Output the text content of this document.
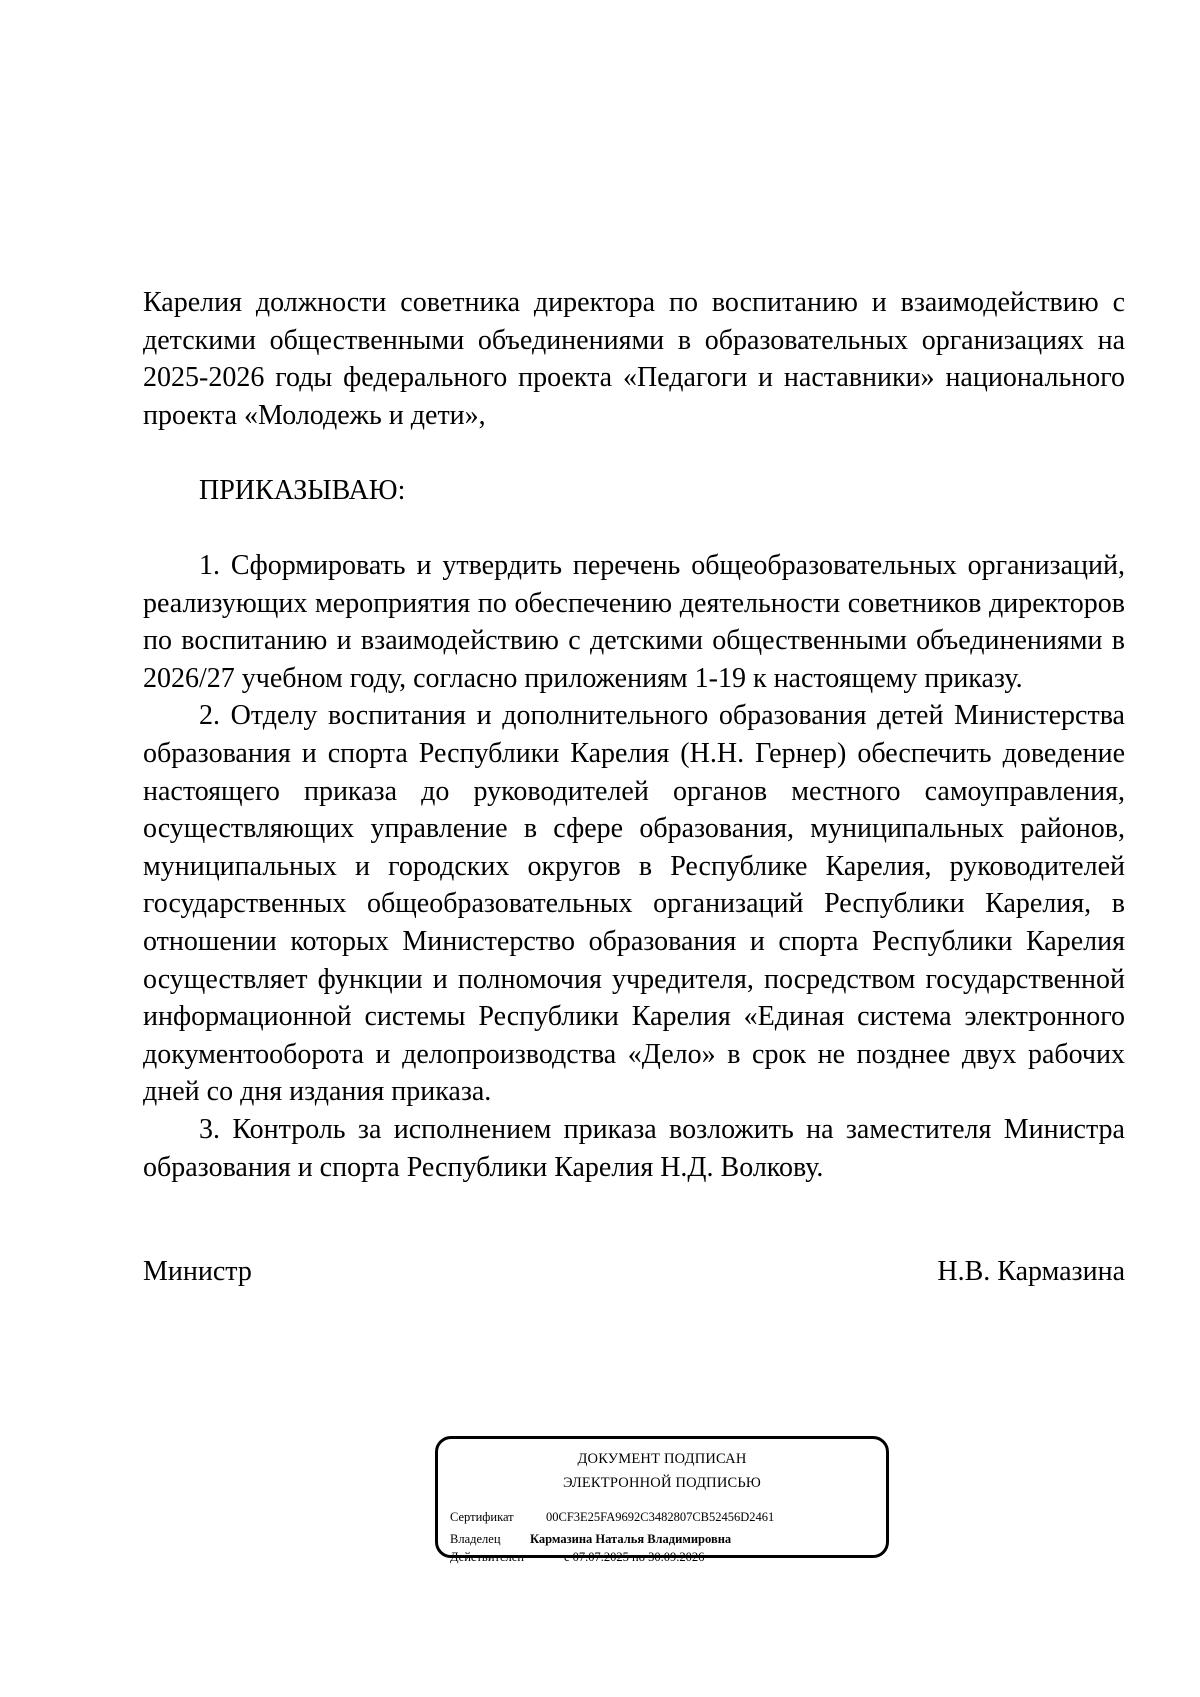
Карелия должности советника директора по воспитанию и взаимодействию с детскими общественными объединениями в образовательных организациях на 2025-2026 годы федерального проекта «Педагоги и наставники» национального проекта «Молодежь и дети»,

ПРИКАЗЫВАЮ:

1. Сформировать и утвердить перечень общеобразовательных организаций, реализующих мероприятия по обеспечению деятельности советников директоров по воспитанию и взаимодействию с детскими общественными объединениями в 2026/27 учебном году, согласно приложениям 1-19 к настоящему приказу.

2. Отделу воспитания и дополнительного образования детей Министерства образования и спорта Республики Карелия (Н.Н. Гернер) обеспечить доведение настоящего приказа до руководителей органов местного самоуправления, осуществляющих управление в сфере образования, муниципальных районов, муниципальных и городских округов в Республике Карелия, руководителей государственных общеобразовательных организаций Республики Карелия, в отношении которых Министерство образования и спорта Республики Карелия осуществляет функции и полномочия учредителя, посредством государственной информационной системы Республики Карелия «Единая система электронного документооборота и делопроизводства «Дело» в срок не позднее двух рабочих дней со дня издания приказа.

3. Контроль за исполнением приказа возложить на заместителя Министра образования и спорта Республики Карелия Н.Д. Волкову.

Министр	Н.В. Кармазина
ДОКУМЕНТ ПОДПИСАН
ЭЛЕКТРОННОЙ ПОДПИСЬЮ
Сертификат	00CF3E25FA9692C3482807CB52456D2461
Владелец Кармазина Наталья Владимировна
Действителен	с 07.07.2025 по 30.09.2026
